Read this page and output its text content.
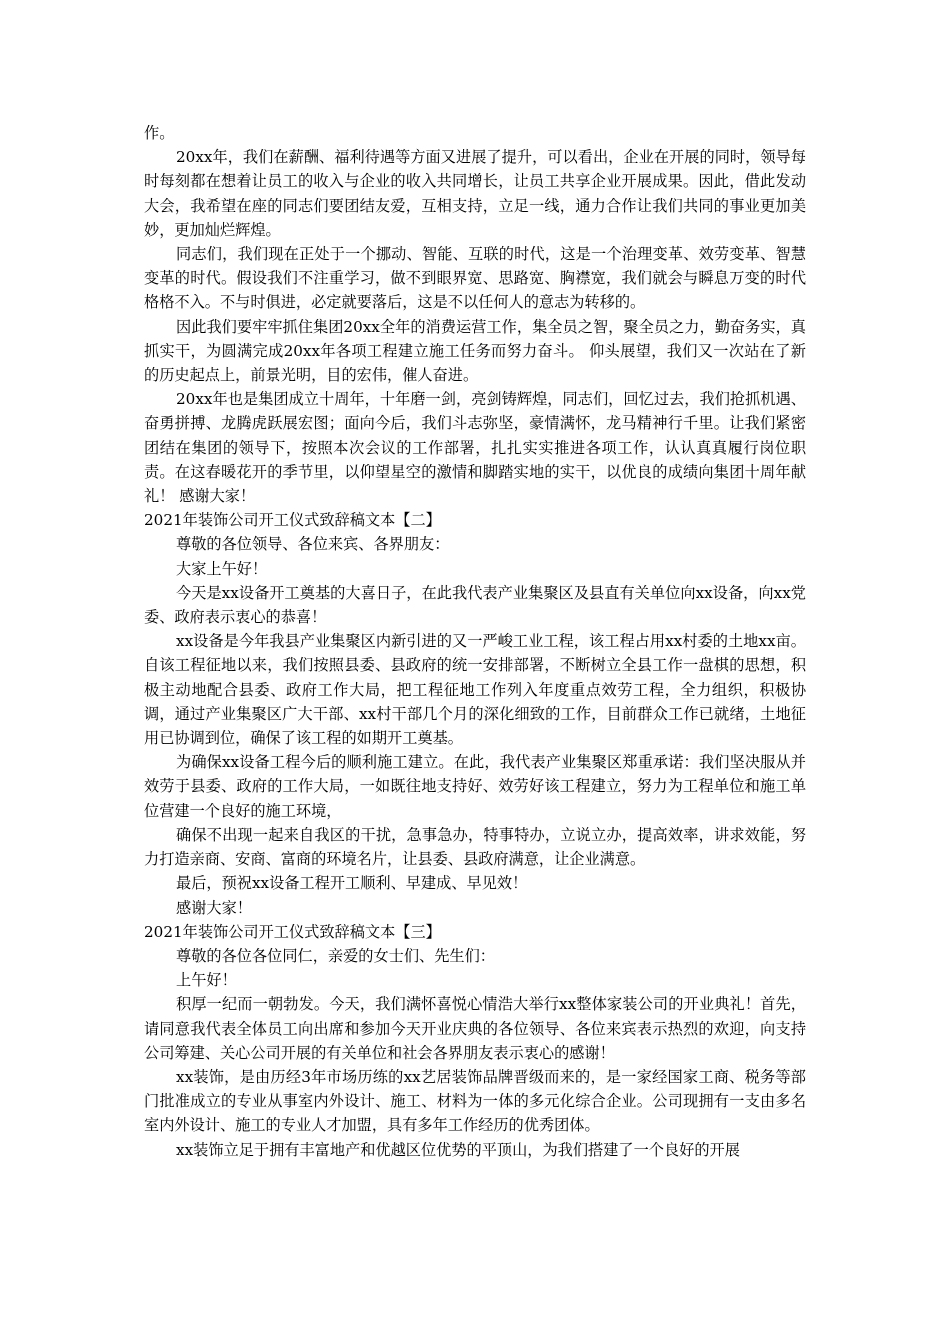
作。

20xx年，我们在薪酬、福利待遇等方面又进展了提升，可以看出，企业在开展的同时，领导每时每刻都在想着让员工的收入与企业的收入共同增长，让员工共享企业开展成果。因此，借此发动大会，我希望在座的同志们要团结友爱，互相支持，立足一线，通力合作让我们共同的事业更加美妙，更加灿烂辉煌。

同志们，我们现在正处于一个挪动、智能、互联的时代，这是一个治理变革、效劳变革、智慧变革的时代。假设我们不注重学习，做不到眼界宽、思路宽、胸襟宽，我们就会与瞬息万变的时代格格不入。不与时俱进，必定就要落后，这是不以任何人的意志为转移的。

因此我们要牢牢抓住集团20xx全年的消费运营工作，集全员之智，聚全员之力，勤奋务实，真抓实干，为圆满完成20xx年各项工程建立施工任务而努力奋斗。 仰头展望，我们又一次站在了新的历史起点上，前景光明，目的宏伟，催人奋进。

20xx年也是集团成立十周年，十年磨一剑，亮剑铸辉煌，同志们，回忆过去，我们抢抓机遇、奋勇拼搏、龙腾虎跃展宏图；面向今后，我们斗志弥坚，豪情满怀，龙马精神行千里。让我们紧密团结在集团的领导下，按照本次会议的工作部署，扎扎实实推进各项工作，认认真真履行岗位职责。在这春暖花开的季节里，以仰望星空的激情和脚踏实地的实干，以优良的成绩向集团十周年献礼！ 感谢大家！

2021年装饰公司开工仪式致辞稿文本【二】

尊敬的各位领导、各位来宾、各界朋友：

大家上午好！

今天是xx设备开工奠基的大喜日子，在此我代表产业集聚区及县直有关单位向xx设备，向xx党委、政府表示衷心的恭喜！

xx设备是今年我县产业集聚区内新引进的又一严峻工业工程，该工程占用xx村委的土地xx亩。自该工程征地以来，我们按照县委、县政府的统一安排部署，不断树立全县工作一盘棋的思想，积极主动地配合县委、政府工作大局，把工程征地工作列入年度重点效劳工程，全力组织，积极协调，通过产业集聚区广大干部、xx村干部几个月的深化细致的工作，目前群众工作已就绪，土地征用已协调到位，确保了该工程的如期开工奠基。

为确保xx设备工程今后的顺利施工建立。在此，我代表产业集聚区郑重承诺：我们坚决服从并效劳于县委、政府的工作大局，一如既往地支持好、效劳好该工程建立，努力为工程单位和施工单位营建一个良好的施工环境，

确保不出现一起来自我区的干扰，急事急办，特事特办，立说立办，提高效率，讲求效能，努力打造亲商、安商、富商的环境名片，让县委、县政府满意，让企业满意。

最后，预祝xx设备工程开工顺利、早建成、早见效！

感谢大家！

2021年装饰公司开工仪式致辞稿文本【三】

尊敬的各位各位同仁，亲爱的女士们、先生们：

上午好！

积厚一纪而一朝勃发。今天，我们满怀喜悦心情浩大举行xx整体家装公司的开业典礼！首先，请同意我代表全体员工向出席和参加今天开业庆典的各位领导、各位来宾表示热烈的欢迎，向支持公司筹建、关心公司开展的有关单位和社会各界朋友表示衷心的感谢！

xx装饰，是由历经3年市场历练的xx艺居装饰品牌晋级而来的，是一家经国家工商、税务等部门批准成立的专业从事室内外设计、施工、材料为一体的多元化综合企业。公司现拥有一支由多名室内外设计、施工的专业人才加盟，具有多年工作经历的优秀团体。

xx装饰立足于拥有丰富地产和优越区位优势的平顶山，为我们搭建了一个良好的开展
